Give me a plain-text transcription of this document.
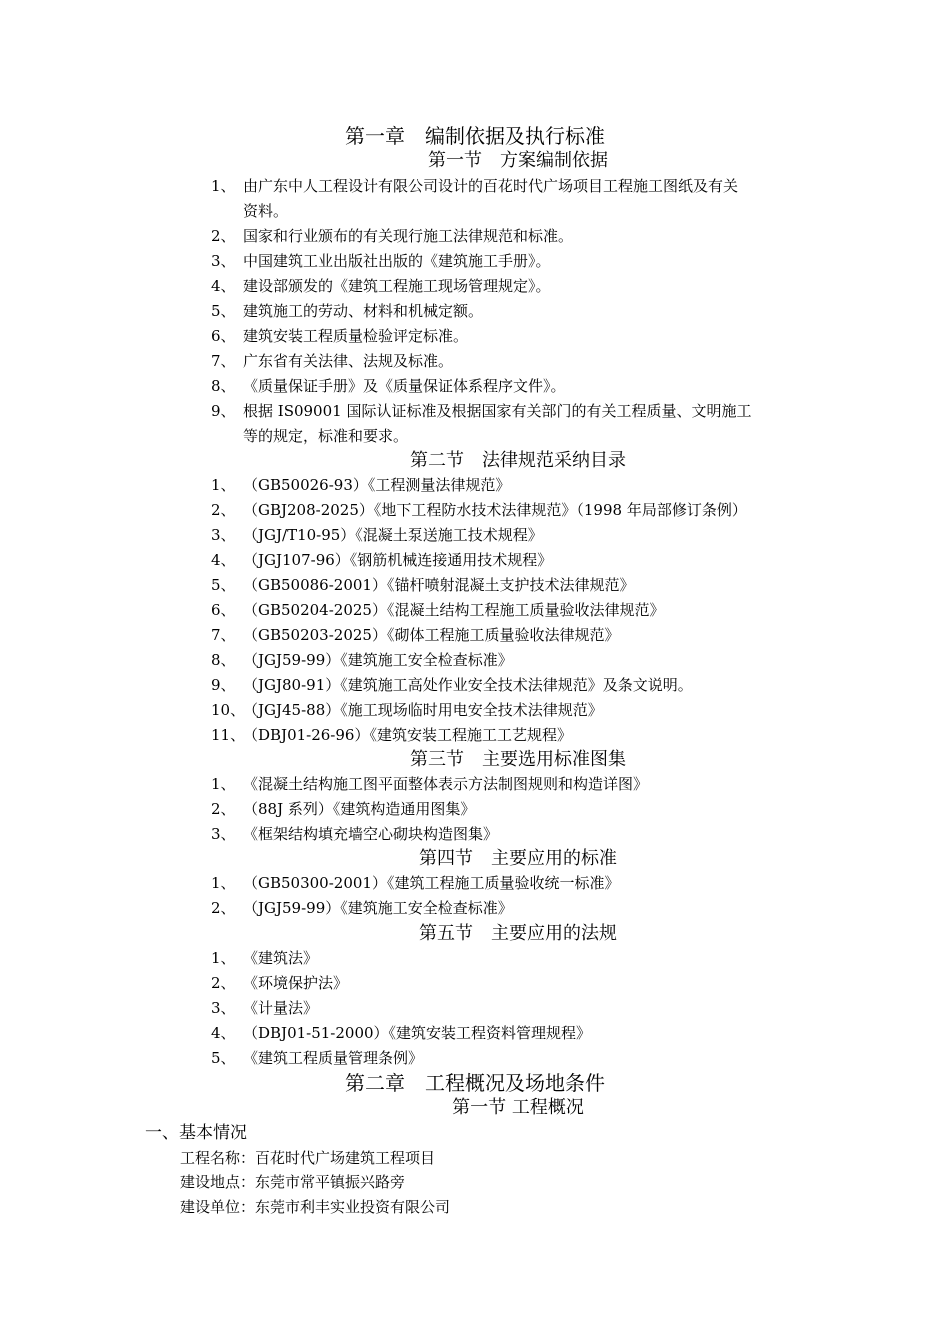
第一章　编制依据及执行标准
第一节　方案编制依据
1、 由广东中人工程设计有限公司设计的百花时代广场项目工程施工图纸及有关
资料。
2、 国家和行业颁布的有关现行施工法律规范和标准。
3、 中国建筑工业出版社出版的《建筑施工手册》。
4、 建设部颁发的《建筑工程施工现场管理规定》。
5、 建筑施工的劳动、材料和机械定额。
6、 建筑安装工程质量检验评定标准。
7、 广东省有关法律、法规及标准。
8、 《质量保证手册》及《质量保证体系程序文件》。
9、 根据 IS09001 国际认证标准及根据国家有关部门的有关工程质量、文明施工
等的规定，标准和要求。
第二节　法律规范采纳目录
1、 （GB50026-93）《工程测量法律规范》
2、 （GBJ208-2025）《地下工程防水技术法律规范》（1998 年局部修订条例）
3、 （JGJ/T10-95）《混凝土泵送施工技术规程》
4、 （JGJ107-96）《钢筋机械连接通用技术规程》
5、 （GB50086-2001）《锚杆喷射混凝土支护技术法律规范》
6、 （GB50204-2025）《混凝土结构工程施工质量验收法律规范》
7、 （GB50203-2025）《砌体工程施工质量验收法律规范》
8、 （JGJ59-99）《建筑施工安全检查标准》
9、 （JGJ80-91）《建筑施工高处作业安全技术法律规范》及条文说明。
10、（JGJ45-88）《施工现场临时用电安全技术法律规范》
11、（DBJ01-26-96）《建筑安装工程施工工艺规程》
第三节　主要选用标准图集
1、 《混凝土结构施工图平面整体表示方法制图规则和构造详图》
2、 （88J 系列）《建筑构造通用图集》
3、 《框架结构填充墙空心砌块构造图集》
第四节　主要应用的标准
1、 （GB50300-2001）《建筑工程施工质量验收统一标准》
2、 （JGJ59-99）《建筑施工安全检查标准》
第五节　主要应用的法规
1、 《建筑法》
2、 《环境保护法》
3、 《计量法》
4、 （DBJ01-51-2000）《建筑安装工程资料管理规程》
5、 《建筑工程质量管理条例》
第二章　工程概况及场地条件
第一节 工程概况
一、基本情况
工程名称：百花时代广场建筑工程项目
建设地点：东莞市常平镇振兴路旁
建设单位：东莞市利丰实业投资有限公司
